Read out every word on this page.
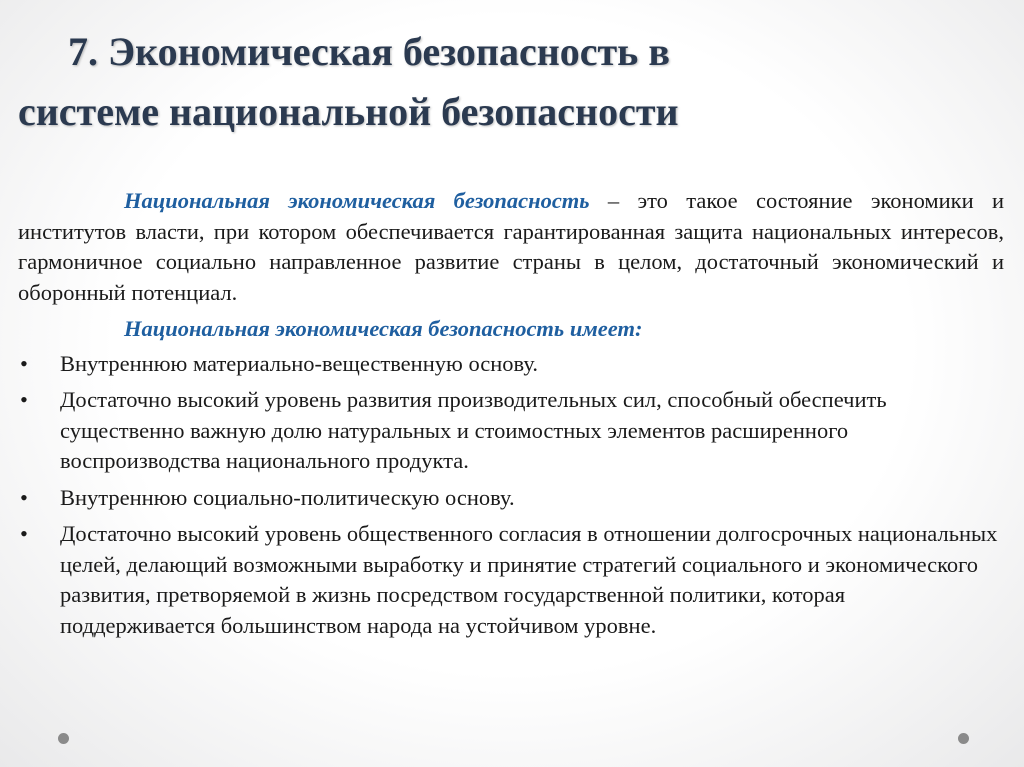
7. Экономическая безопасность в
системе национальной безопасности

Национальная экономическая безопасность – это такое состояние экономики и институтов власти, при котором обеспечивается гарантированная защита национальных интересов, гармоничное социально направленное развитие страны в целом, достаточный экономический и оборонный потенциал.

Национальная экономическая безопасность имеет:
• Внутреннюю материально-вещественную основу.
• Достаточно высокий уровень развития производительных сил, способный обеспечить существенно важную долю натуральных и стоимостных элементов расширенного воспроизводства национального продукта.
• Внутреннюю социально-политическую основу.
• Достаточно высокий уровень общественного согласия в отношении долгосрочных национальных целей, делающий возможными выработку и принятие стратегий социального и экономического развития, претворяемой в жизнь посредством государственной политики, которая поддерживается большинством народа на устойчивом уровне.
